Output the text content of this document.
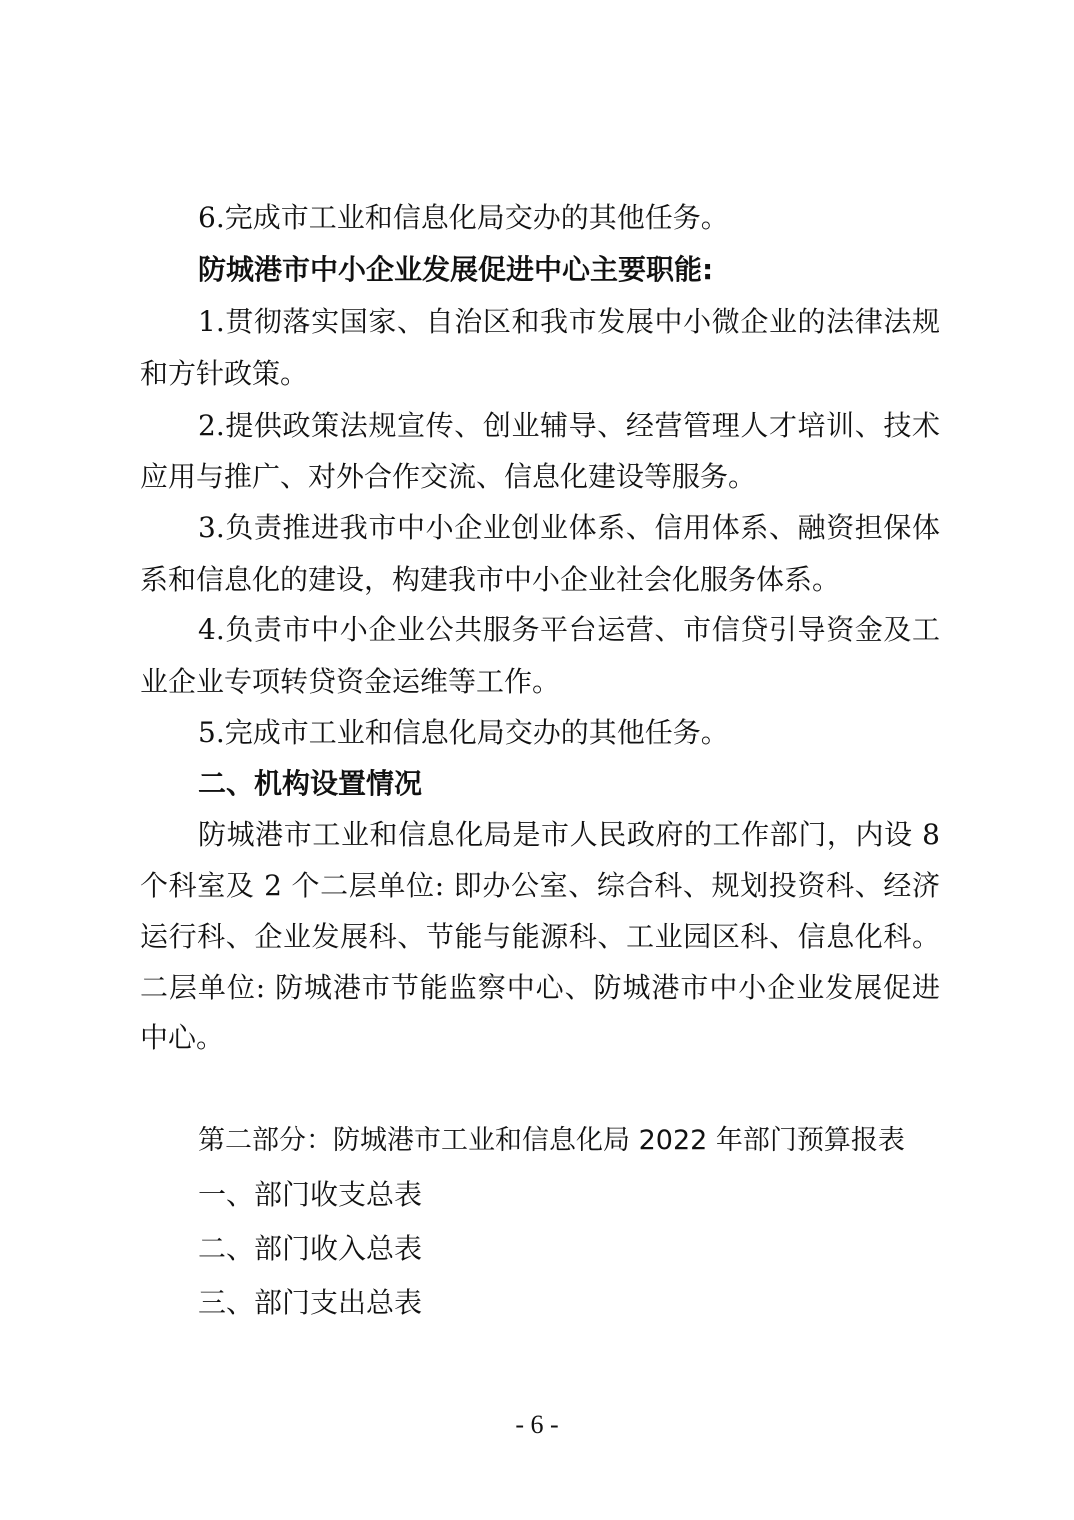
6.完成市工业和信息化局交办的其他任务。
防城港市中小企业发展促进中心主要职能:
1.贯彻落实国家、自治区和我市发展中小微企业的法律法规
和方针政策。
2.提供政策法规宣传、创业辅导、经营管理人才培训、技术
应用与推广、对外合作交流、信息化建设等服务。
3.负责推进我市中小企业创业体系、信用体系、融资担保体
系和信息化的建设，构建我市中小企业社会化服务体系。
4.负责市中小企业公共服务平台运营、市信贷引导资金及工
业企业专项转贷资金运维等工作。
5.完成市工业和信息化局交办的其他任务。
二、机构设置情况
防城港市工业和信息化局是市人民政府的工作部门，内设 8
个科室及 2 个二层单位: 即办公室、综合科、规划投资科、经济
运行科、企业发展科、节能与能源科、工业园区科、信息化科。
二层单位: 防城港市节能监察中心、防城港市中小企业发展促进
中心。
第二部分：防城港市工业和信息化局 2022 年部门预算报表
一、部门收支总表
二、部门收入总表
三、部门支出总表
- 6 -
